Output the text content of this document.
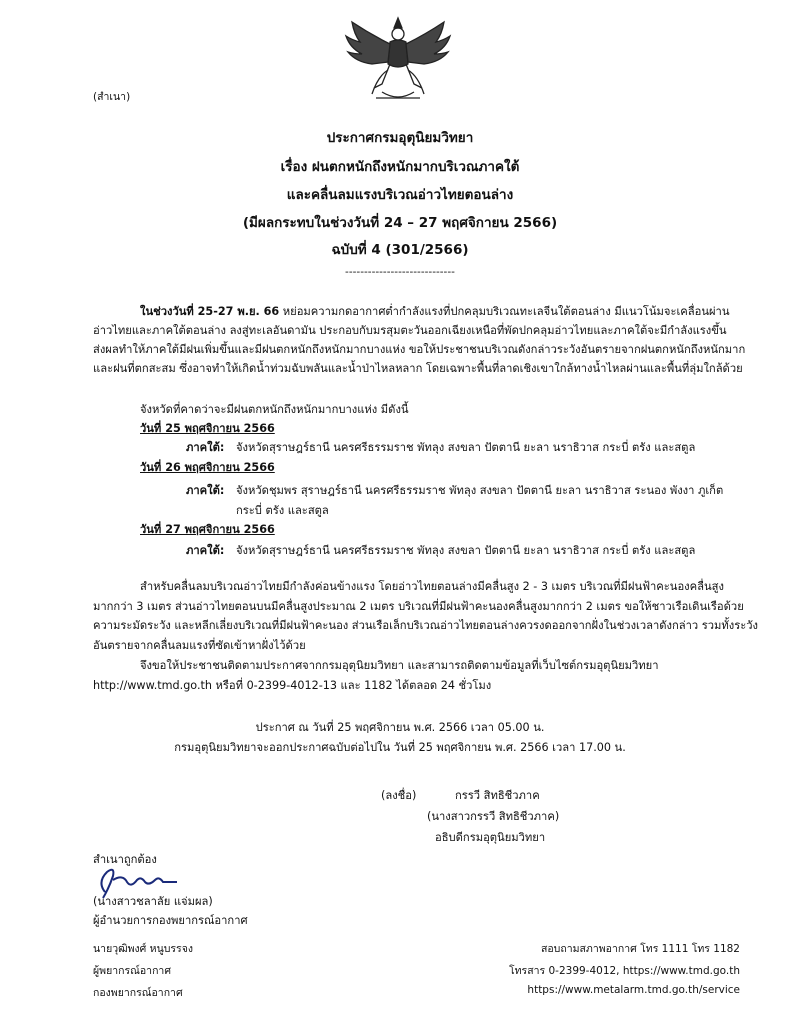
(สำเนา)
ประกาศกรมอุตุนิยมวิทยา
เรื่อง ฝนตกหนักถึงหนักมากบริเวณภาคใต้
และคลื่นลมแรงบริเวณอ่าวไทยตอนล่าง
(มีผลกระทบในช่วงวันที่ 24 – 27 พฤศจิกายน 2566)
ฉบับที่ 4 (301/2566)
-----------------------------
ในช่วงวันที่ 25-27 พ.ย. 66 หย่อมความกดอากาศต่ำกำลังแรงที่ปกคลุมบริเวณทะเลจีนใต้ตอนล่าง มีแนวโน้มจะเคลื่อนผ่าน
อ่าวไทยและภาคใต้ตอนล่าง ลงสู่ทะเลอันดามัน ประกอบกับมรสุมตะวันออกเฉียงเหนือที่พัดปกคลุมอ่าวไทยและภาคใต้จะมีกำลังแรงขึ้น
ส่งผลทำให้ภาคใต้มีฝนเพิ่มขึ้นและมีฝนตกหนักถึงหนักมากบางแห่ง ขอให้ประชาชนบริเวณดังกล่าวระวังอันตรายจากฝนตกหนักถึงหนักมาก
และฝนที่ตกสะสม ซึ่งอาจทำให้เกิดน้ำท่วมฉับพลันและน้ำป่าไหลหลาก โดยเฉพาะพื้นที่ลาดเชิงเขาใกล้ทางน้ำไหลผ่านและพื้นที่ลุ่มใกล้ด้วย
จังหวัดที่คาดว่าจะมีฝนตกหนักถึงหนักมากบางแห่ง มีดังนี้
วันที่ 25 พฤศจิกายน 2566
ภาคใต้: จังหวัดสุราษฎร์ธานี นครศรีธรรมราช พัทลุง สงขลา ปัตตานี ยะลา นราธิวาส กระบี่ ตรัง และสตูล
วันที่ 26 พฤศจิกายน 2566
ภาคใต้: จังหวัดชุมพร สุราษฎร์ธานี นครศรีธรรมราช พัทลุง สงขลา ปัตตานี ยะลา นราธิวาส ระนอง พังงา ภูเก็ต
กระบี่ ตรัง และสตูล
วันที่ 27 พฤศจิกายน 2566
ภาคใต้: จังหวัดสุราษฎร์ธานี นครศรีธรรมราช พัทลุง สงขลา ปัตตานี ยะลา นราธิวาส กระบี่ ตรัง และสตูล
สำหรับคลื่นลมบริเวณอ่าวไทยมีกำลังค่อนข้างแรง โดยอ่าวไทยตอนล่างมีคลื่นสูง 2 - 3 เมตร บริเวณที่มีฝนฟ้าคะนองคลื่นสูง
มากกว่า 3 เมตร ส่วนอ่าวไทยตอนบนมีคลื่นสูงประมาณ 2 เมตร บริเวณที่มีฝนฟ้าคะนองคลื่นสูงมากกว่า 2 เมตร ขอให้ชาวเรือเดินเรือด้วย
ความระมัดระวัง และหลีกเลี่ยงบริเวณที่มีฝนฟ้าคะนอง ส่วนเรือเล็กบริเวณอ่าวไทยตอนล่างควรงดออกจากฝั่งในช่วงเวลาดังกล่าว รวมทั้งระวัง
อันตรายจากคลื่นลมแรงที่ซัดเข้าหาฝั่งไว้ด้วย
จึงขอให้ประชาชนติดตามประกาศจากกรมอุตุนิยมวิทยา และสามารถติดตามข้อมูลที่เว็บไซต์กรมอุตุนิยมวิทยา
http://www.tmd.go.th หรือที่ 0-2399-4012-13 และ 1182 ได้ตลอด 24 ชั่วโมง
ประกาศ ณ วันที่ 25 พฤศจิกายน พ.ศ. 2566 เวลา 05.00 น.
กรมอุตุนิยมวิทยาจะออกประกาศฉบับต่อไปใน วันที่ 25 พฤศจิกายน พ.ศ. 2566 เวลา 17.00 น.
(ลงชื่อ)	กรรวี สิทธิชีวภาค
(นางสาวกรรวี สิทธิชีวภาค)
อธิบดีกรมอุตุนิยมวิทยา
สำเนาถูกต้อง
(นางสาวชลาลัย แจ่มผล)
ผู้อำนวยการกองพยากรณ์อากาศ
นายวุฒิพงศ์ หนูบรรจง
ผู้พยากรณ์อากาศ
กองพยากรณ์อากาศ
สอบถามสภาพอากาศ โทร 1111 โทร 1182
โทรสาร 0-2399-4012, https://www.tmd.go.th
https://www.metalarm.tmd.go.th/service
